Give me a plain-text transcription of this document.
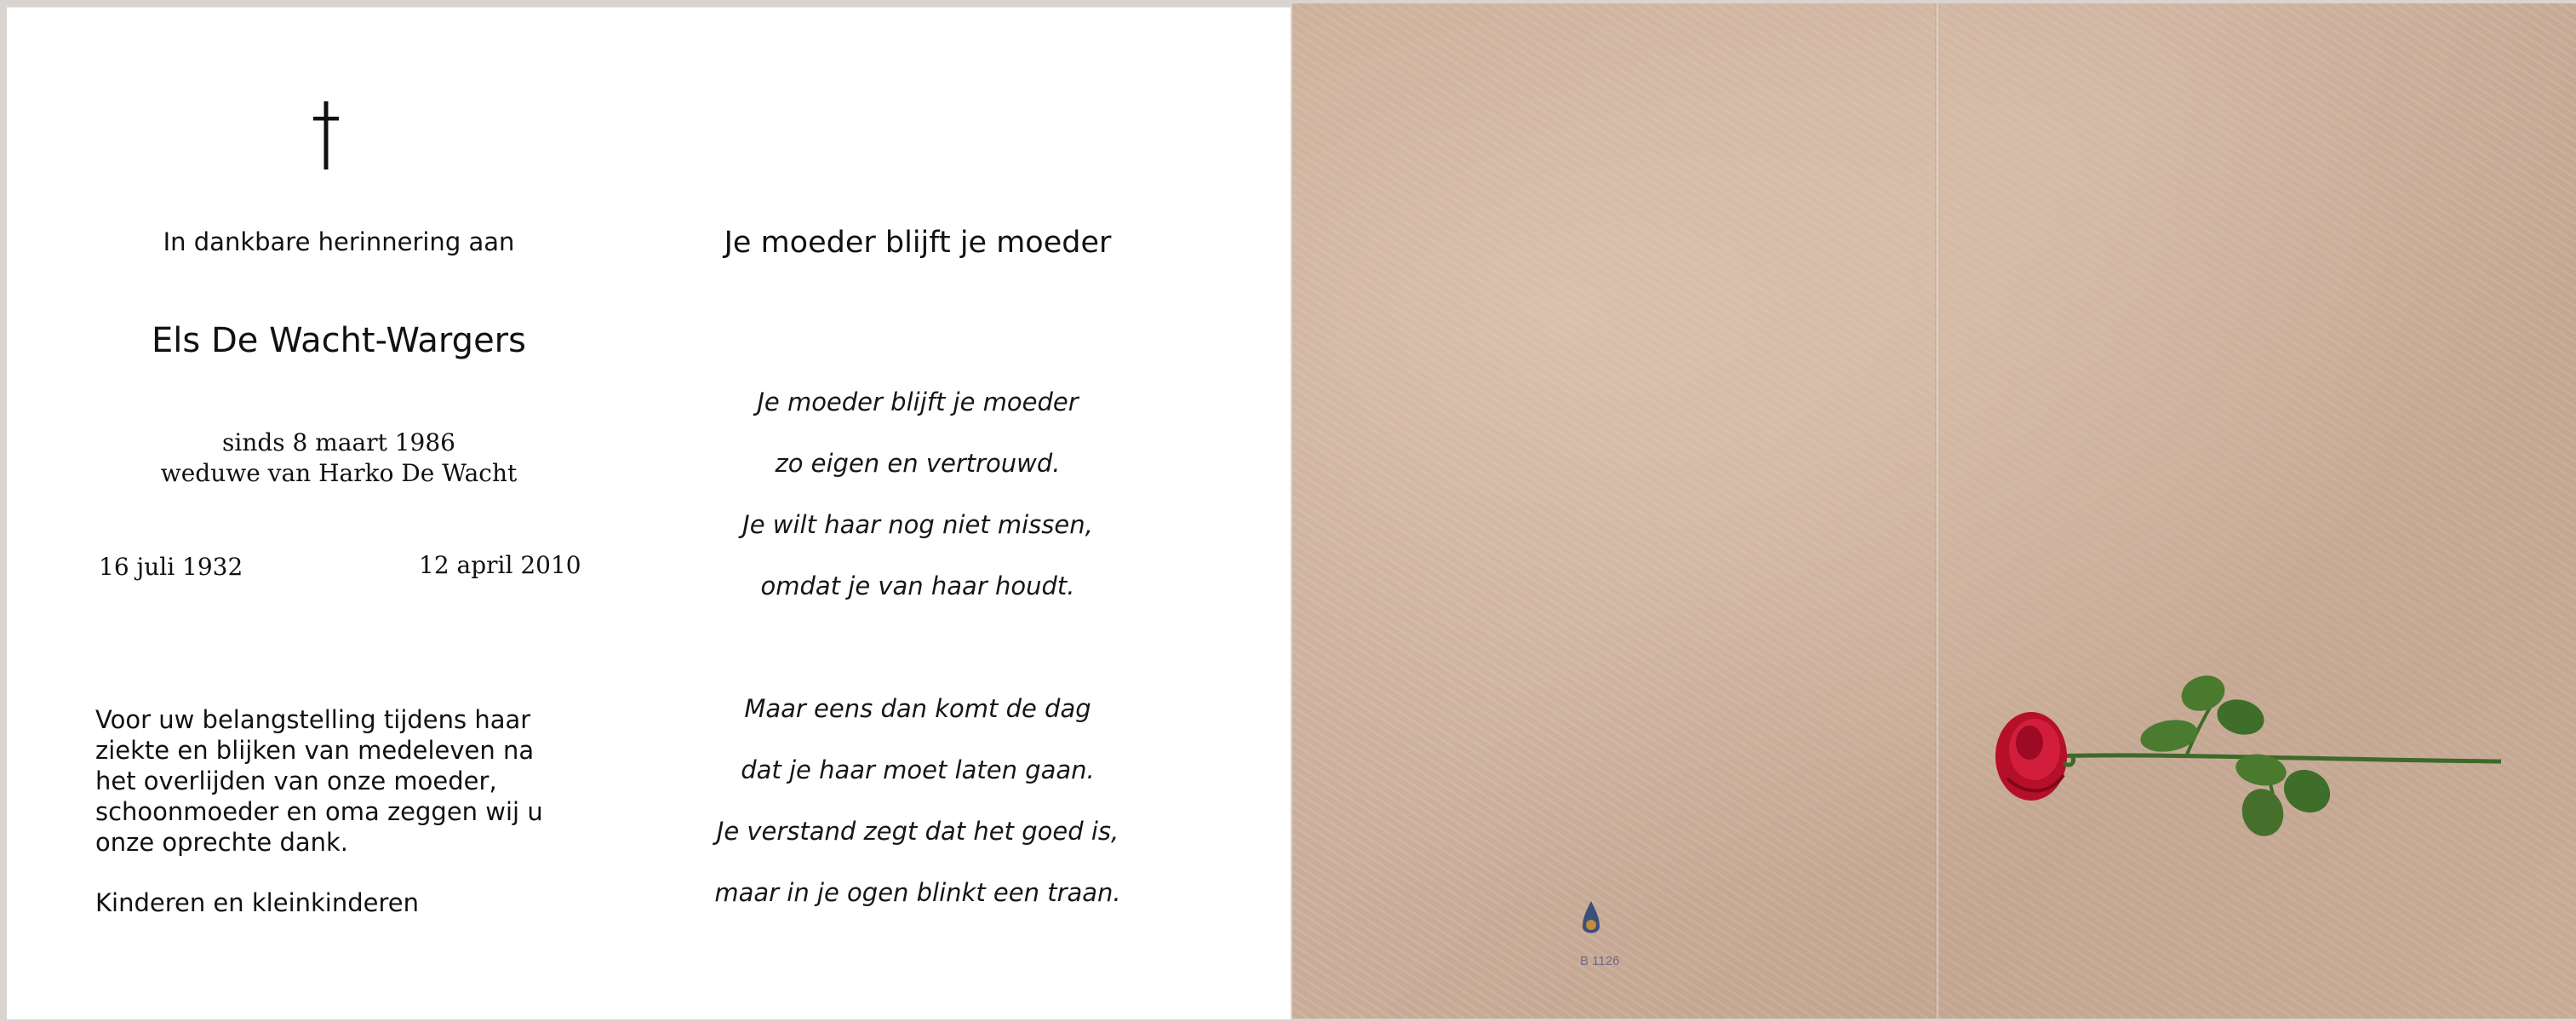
In dankbare herinnering aan
Els De Wacht-Wargers
sinds 8 maart 1986
weduwe van Harko De Wacht
16 juli 1932	12 april 2010
Voor uw belangstelling tijdens haar
ziekte en blijken van medeleven na
het overlijden van onze moeder,
schoonmoeder en oma zeggen wij u
onze oprechte dank.
Kinderen en kleinkinderen
Je moeder blijft je moeder
Je moeder blijft je moeder
zo eigen en vertrouwd.
Je wilt haar nog niet missen,
omdat je van haar houdt.
Maar eens dan komt de dag
dat je haar moet laten gaan.
Je verstand zegt dat het goed is,
maar in je ogen blinkt een traan.
B 1126
